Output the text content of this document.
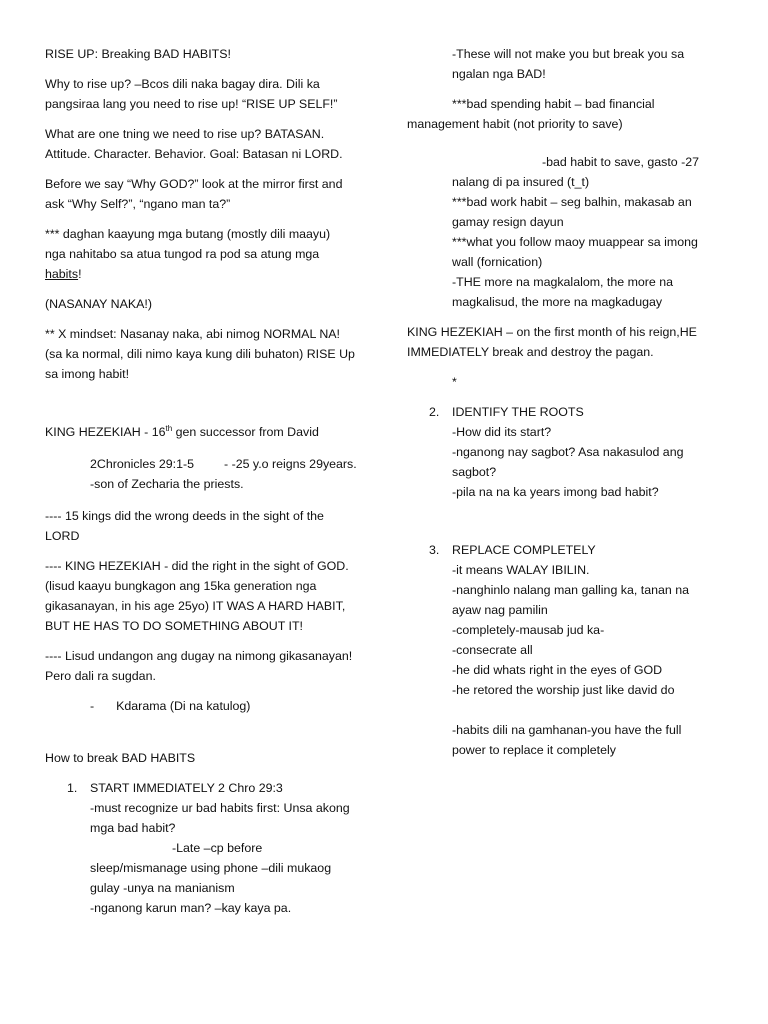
RISE UP: Breaking BAD HABITS!
Why to rise up? –Bcos dili naka bagay dira. Dili ka
pangsiraa lang you need to rise up! “RISE UP SELF!”
What are one tning we need to rise up? BATASAN.
Attitude. Character. Behavior. Goal: Batasan ni LORD.
Before we say “Why GOD?” look at the mirror first and
ask “Why Self?”, “ngano man ta?”
*** daghan kaayung mga butang (mostly dili maayu)
nga nahitabo sa atua tungod ra pod sa atung mga
habits!
(NASANAY NAKA!)
** X mindset: Nasanay naka, abi nimog NORMAL NA!
(sa ka normal, dili nimo kaya kung dili buhaton) RISE Up
sa imong habit!
KING HEZEKIAH - 16th gen successor from David
2Chronicles 29:1-5 - -25 y.o reigns 29years.
-son of Zecharia the priests.
---- 15 kings did the wrong deeds in the sight of the
LORD
---- KING HEZEKIAH - did the right in the sight of GOD.
(lisud kaayu bungkagon ang 15ka generation nga
gikasanayan, in his age 25yo) IT WAS A HARD HABIT,
BUT HE HAS TO DO SOMETHING ABOUT IT!
---- Lisud undangon ang dugay na nimong gikasanayan!
Pero dali ra sugdan.
- Kdarama (Di na katulog)
How to break BAD HABITS
1. START IMMEDIATELY 2 Chro 29:3
-must recognize ur bad habits first: Unsa akong
mga bad habit?
-Late –cp before
sleep/mismanage using phone –dili mukaog
gulay -unya na manianism
-nganong karun man? –kay kaya pa.
-These will not make you but break you sa
ngalan nga BAD!
***bad spending habit – bad financial
management habit (not priority to save)
-bad habit to save, gasto -27
nalang di pa insured (t_t)
***bad work habit – seg balhin, makasab an
gamay resign dayun
***what you follow maoy muappear sa imong
wall (fornication)
-THE more na magkalalom, the more na
magkalisud, the more na magkadugay
KING HEZEKIAH – on the first month of his reign,HE
IMMEDIATELY break and destroy the pagan.
*
2. IDENTIFY THE ROOTS
-How did its start?
-nganong nay sagbot? Asa nakasulod ang
sagbot?
-pila na na ka years imong bad habit?
3. REPLACE COMPLETELY
-it means WALAY IBILIN.
-nanghinlo nalang man galling ka, tanan na
ayaw nag pamilin
-completely-mausab jud ka-
-consecrate all
-he did whats right in the eyes of GOD
-he retored the worship just like david do
-habits dili na gamhanan-you have the full
power to replace it completely
